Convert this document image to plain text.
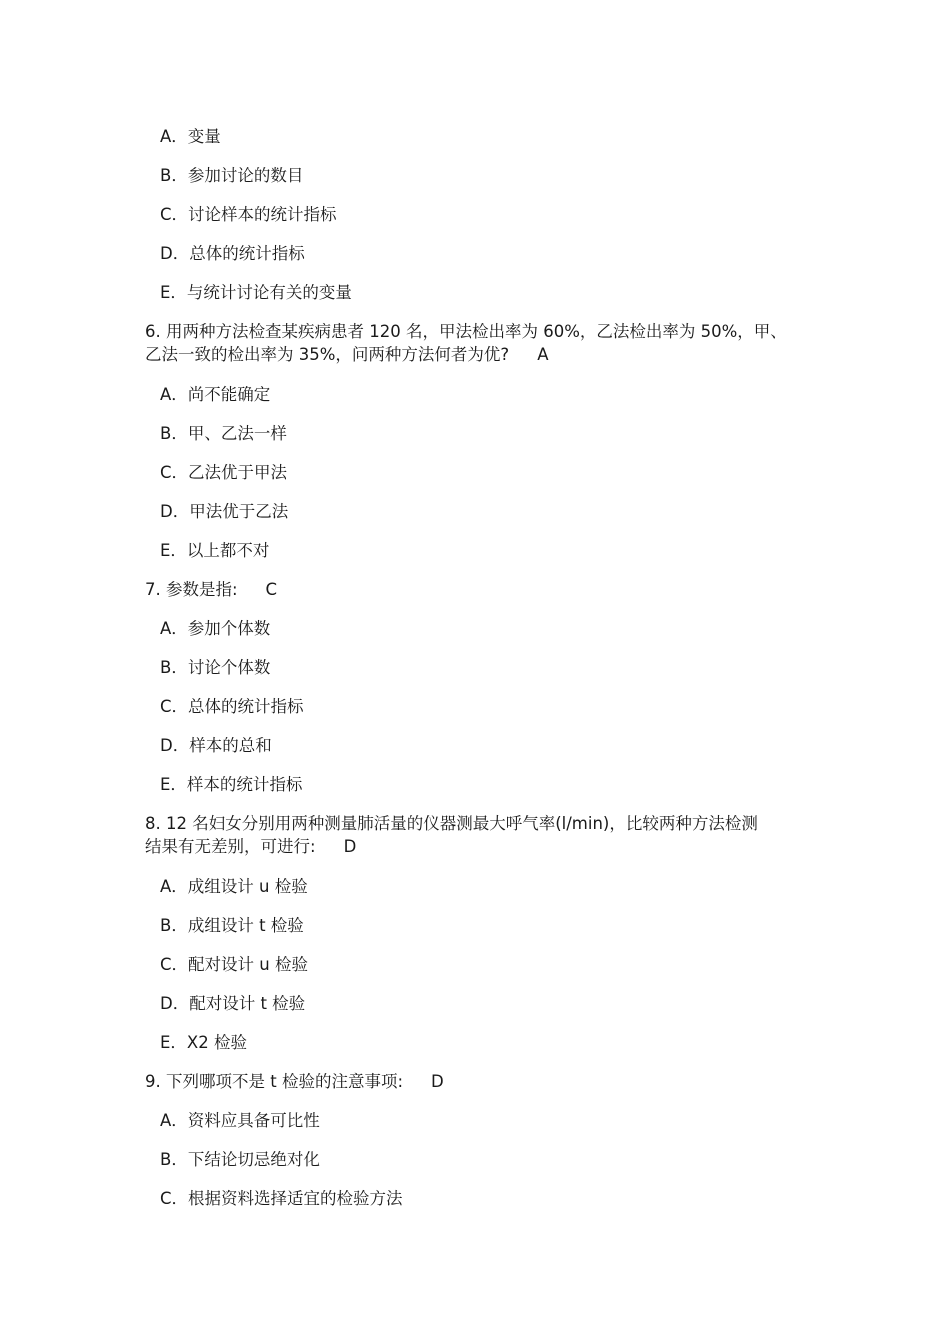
A．变量
B．参加讨论的数目
C．讨论样本的统计指标
D．总体的统计指标
E．与统计讨论有关的变量
6. 用两种方法检查某疾病患者 120 名，甲法检出率为 60%，乙法检出率为 50%，甲、
乙法一致的检出率为 35%，问两种方法何者为优? A
A．尚不能确定
B．甲、乙法一样
C．乙法优于甲法
D．甲法优于乙法
E．以上都不对
7. 参数是指: C
A．参加个体数
B．讨论个体数
C．总体的统计指标
D．样本的总和
E．样本的统计指标
8. 12 名妇女分别用两种测量肺活量的仪器测最大呼气率(l/min)，比较两种方法检测
结果有无差别，可进行: D
A．成组设计 u 检验
B．成组设计 t 检验
C．配对设计 u 检验
D．配对设计 t 检验
E．X2 检验
9. 下列哪项不是 t 检验的注意事项: D
A．资料应具备可比性
B．下结论切忌绝对化
C．根据资料选择适宜的检验方法
